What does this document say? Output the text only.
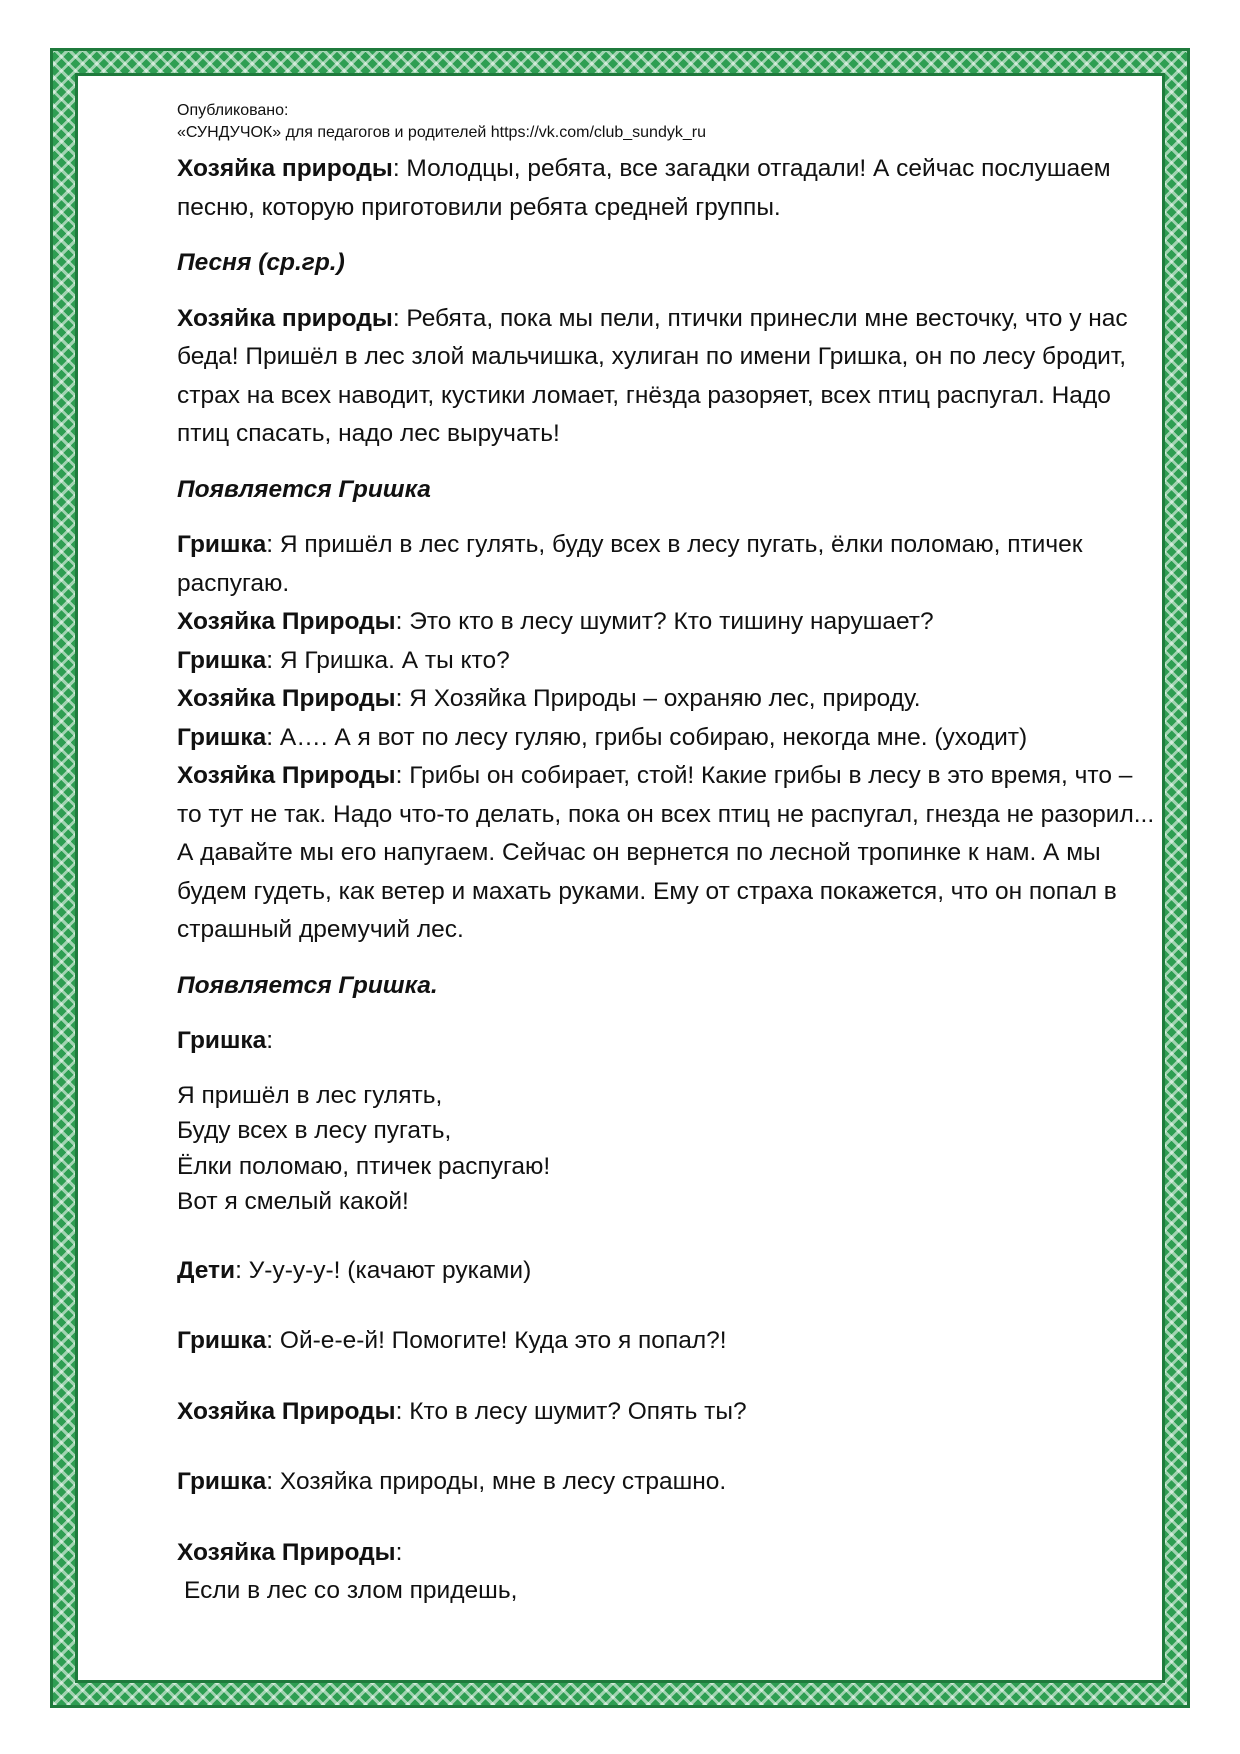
Опубликовано:
«СУНДУЧОК» для педагогов и родителей https://vk.com/club_sundyk_ru

Хозяйка природы: Молодцы, ребята, все загадки отгадали! А сейчас послушаем песню, которую приготовили ребята средней группы.

Песня (ср.гр.)

Хозяйка природы: Ребята, пока мы пели, птички принесли мне весточку, что у нас беда! Пришёл в лес злой мальчишка, хулиган по имени Гришка, он по лесу бродит, страх на всех наводит, кустики ломает, гнёзда разоряет, всех птиц распугал. Надо птиц спасать, надо лес выручать!

Появляется Гришка

Гришка: Я пришёл в лес гулять, буду всех в лесу пугать, ёлки поломаю, птичек распугаю.

Хозяйка Природы: Это кто в лесу шумит? Кто тишину нарушает?

Гришка: Я Гришка. А ты кто?

Хозяйка Природы: Я Хозяйка Природы – охраняю лес, природу.

Гришка: А…. А я вот по лесу гуляю, грибы собираю, некогда мне. (уходит)

Хозяйка Природы: Грибы он собирает, стой! Какие грибы в лесу в это время, что – то тут не так. Надо что-то делать, пока он всех птиц не распугал, гнезда не разорил... А давайте мы его напугаем. Сейчас он вернется по лесной тропинке к нам. А мы будем гудеть, как ветер и махать руками. Ему от страха покажется, что он попал в страшный дремучий лес.

Появляется Гришка.

Гришка:

Я пришёл в лес гулять,

Буду всех в лесу пугать,

Ёлки поломаю, птичек распугаю!

Вот я смелый какой!

Дети: У-у-у-у-! (качают руками)

Гришка: Ой-е-е-й! Помогите! Куда это я попал?!

Хозяйка Природы: Кто в лесу шумит? Опять ты?

Гришка: Хозяйка природы, мне в лесу страшно.

Хозяйка Природы:

Если в лес со злом придешь,
